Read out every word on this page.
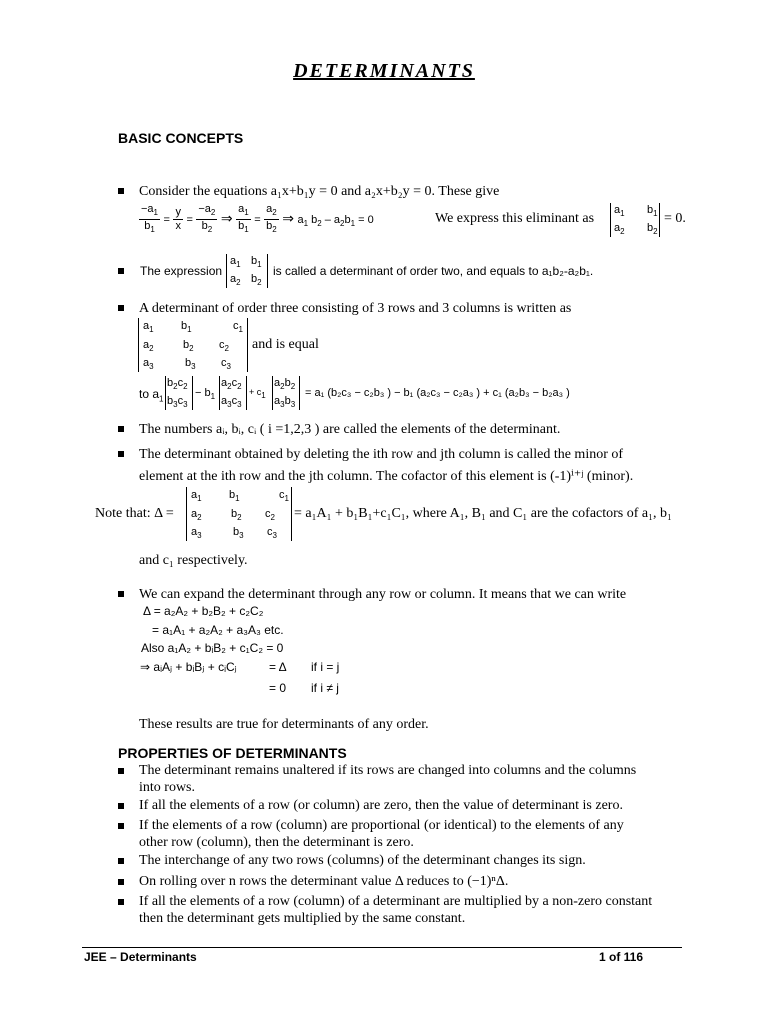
DETERMINANTS
BASIC CONCEPTS
Consider the equations a₁x+b₁y = 0 and a₂x+b₂y = 0. These give
$\frac{-a_1}{b_1} = \frac{y}{x} = \frac{-a_2}{b_2}$ ⇒ $\frac{a_1}{b_1} = \frac{a_2}{b_2}$ ⇒ $a_1$ $b_2 - a_2b_1 = 0$	We express this eliminant as
$a_1$ $b_1$
$a_2$ $b_2$
= 0.
The expression
$a_1$ $b_1$
$a_2$ $b_2$
is called a determinant of order two, and equals to a₁b₂-a₂b₁.
A determinant of order three consisting of 3 rows and 3 columns is written as
$a_1$ $b_1$	$c_1$
$a_2$	$b_2$ $c_2$
$a_3$	$b_3$ $c_3$
and is equal
to $a_1$
$b_2c_2$
$b_3c_3$
− $b_1$
$a_2c_2$
$a_3c_3$
+ $c_1$
$a_2b_2$
$a_3b_3$
= a₁ (b₂c₃ − c₂b₃ ) − b₁ (a₂c₃ − c₂a₃ ) + c₁ (a₂b₃ − b₂a₃ )
The numbers aᵢ, bᵢ, cᵢ ( i =1,2,3 ) are called the elements of the determinant.
The determinant obtained by deleting the ith row and jth column is called the minor of
element at the ith row and the jth column. The cofactor of this element is (-1)ⁱ⁺ʲ (minor).
Note that: Δ =
$a_1$ $b_1$	$c_1$
$a_2$	$b_2$ $c_2$
$a_3$	$b_3$ $c_3$
= a₁A₁ + b₁B₁+c₁C₁, where A₁, B₁ and C₁ are the cofactors of a₁, b₁
and c₁ respectively.
We can expand the determinant through any row or column. It means that we can write
Δ = a₂A₂ + b₂B₂ + c₂C₂
= a₁A₁ + a₂A₂ + a₃A₃ etc.
Also a₁A₂ + bᵢB₂ + c₁C₂ = 0
⇒ aᵢAⱼ + bᵢBⱼ + cᵢCⱼ	= Δ if i = j
= 0 if i ≠ j
These results are true for determinants of any order.
PROPERTIES OF DETERMINANTS
The determinant remains unaltered if its rows are changed into columns and the columns
into rows.
If all the elements of a row (or column) are zero, then the value of determinant is zero.
If the elements of a row (column) are proportional (or identical) to the elements of any
other row (column), then the determinant is zero.
The interchange of any two rows (columns) of the determinant changes its sign.
On rolling over n rows the determinant value Δ reduces to (−1)ⁿΔ.
If all the elements of a row (column) of a determinant are multiplied by a non-zero constant
then the determinant gets multiplied by the same constant.
JEE – Determinants	1 of 116
